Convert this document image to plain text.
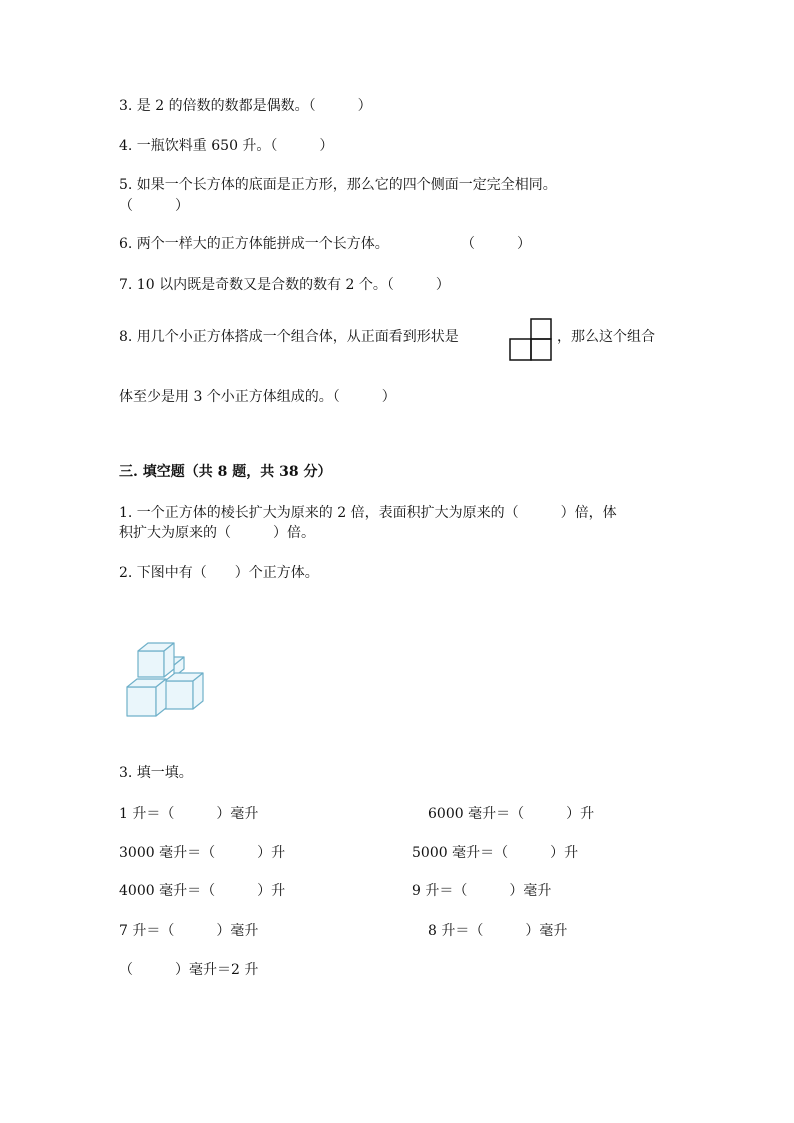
3. 是 2 的倍数的数都是偶数。（　　　）
4. 一瓶饮料重 650 升。（　　　）
5. 如果一个长方体的底面是正方形，那么它的四个侧面一定完全相同。
（　　　）
6. 两个一样大的正方体能拼成一个长方体。	（　　　）
7. 10 以内既是奇数又是合数的数有 2 个。（　　　）
8. 用几个小正方体搭成一个组合体，从正面看到形状是	，那么这个组合
体至少是用 3 个小正方体组成的。（　　　）
三. 填空题（共 8 题，共 38 分）
1. 一个正方体的棱长扩大为原来的 2 倍，表面积扩大为原来的（　　　）倍，体
积扩大为原来的（　　　）倍。
2. 下图中有（　　）个正方体。
3. 填一填。
1 升＝（　　　）毫升	6000 毫升＝（　　　）升
3000 毫升＝（　　　）升	5000 毫升＝（　　　）升
4000 毫升＝（　　　）升	9 升＝（　　　）毫升
7 升＝（　　　）毫升	8 升＝（　　　）毫升
（　　　）毫升＝2 升
